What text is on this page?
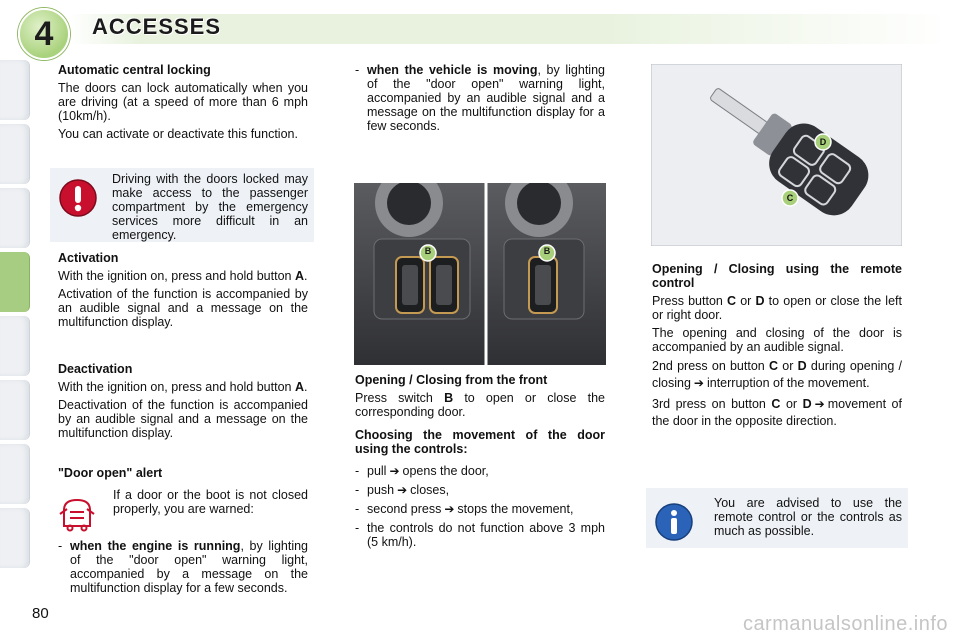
4	ACCESSES

Automatic central locking

The doors can lock automatically when you are driving (at a speed of more than 6 mph (10km/h).

You can activate or deactivate this function.

Driving with the doors locked may make access to the passenger compartment by the emergency services more difficult in an emergency.

Activation

With the ignition on, press and hold button A.

Activation of the function is accompanied by an audible signal and a message on the multifunction display.

Deactivation

With the ignition on, press and hold button A.

Deactivation of the function is accompanied by an audible signal and a message on the multifunction display.

"Door open" alert

If a door or the boot is not closed properly, you are warned:

- when the engine is running, by lighting of the "door open" warning light, accompanied by a message on the multifunction display for a few seconds.

- when the vehicle is moving, by lighting of the "door open" warning light, accompanied by an audible signal and a message on the multifunction display for a few seconds.

B	B

Opening / Closing from the front

Press switch B to open or close the corresponding door.

Choosing the movement of the door using the controls:

- pull ➔ opens the door,

- push ➔ closes,

- second press ➔ stops the movement,

- the controls do not function above 3 mph (5 km/h).

D
C

Opening / Closing using the remote control

Press button C or D to open or close the left or right door.

The opening and closing of the door is accompanied by an audible signal.

2nd press on button C or D during opening / closing ➔ interruption of the movement.

3rd press on button C or D ➔ movement of the door in the opposite direction.

You are advised to use the remote control or the controls as much as possible.

80	carmanualsonline.info
